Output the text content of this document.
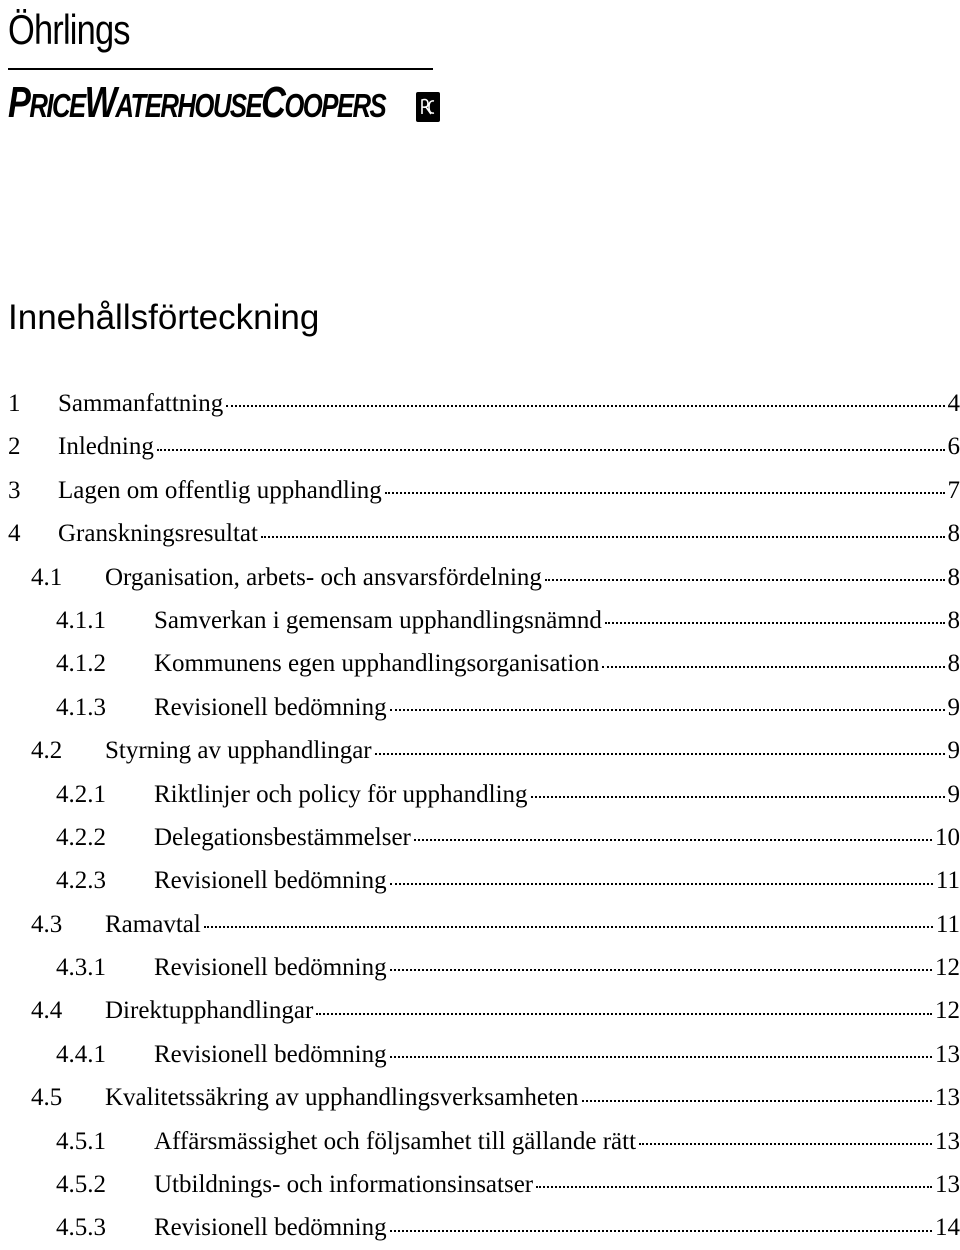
Öhrlings
PRICEWATERHOUSECOOPERS
Innehållsförteckning
1	Sammanfattning	4
2	Inledning	6
3	Lagen om offentlig upphandling	7
4	Granskningsresultat	8
4.1	Organisation, arbets- och ansvarsfördelning	8
4.1.1	Samverkan i gemensam upphandlingsnämnd	8
4.1.2	Kommunens egen upphandlingsorganisation	8
4.1.3	Revisionell bedömning	9
4.2	Styrning av upphandlingar	9
4.2.1	Riktlinjer och policy för upphandling	9
4.2.2	Delegationsbestämmelser	10
4.2.3	Revisionell bedömning	11
4.3	Ramavtal	11
4.3.1	Revisionell bedömning	12
4.4	Direktupphandlingar	12
4.4.1	Revisionell bedömning	13
4.5	Kvalitetssäkring av upphandlingsverksamheten	13
4.5.1	Affärsmässighet och följsamhet till gällande rätt	13
4.5.2	Utbildnings- och informationsinsatser	13
4.5.3	Revisionell bedömning	14
